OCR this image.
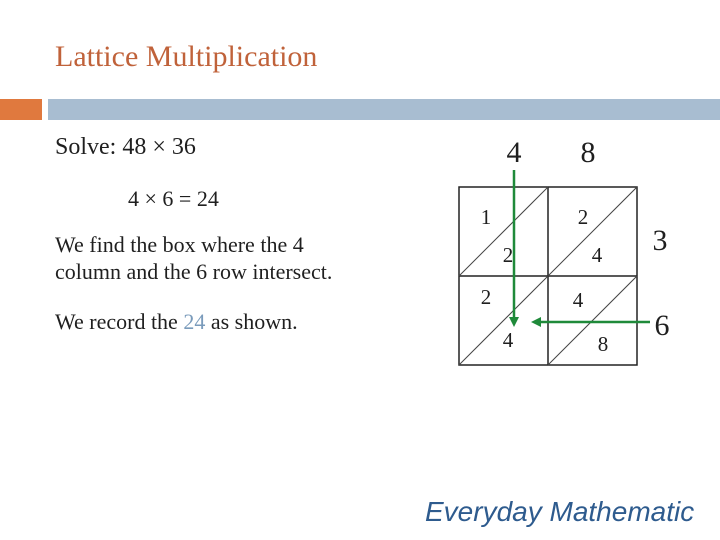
Lattice Multiplication
Solve: 48 × 36
4 × 6 = 24
We find the box where the 4
column and the 6 row intersect.
We record the 24 as shown.
4 8
3
6
1
2
2
4
2
4
4
8
Everyday Mathematic
